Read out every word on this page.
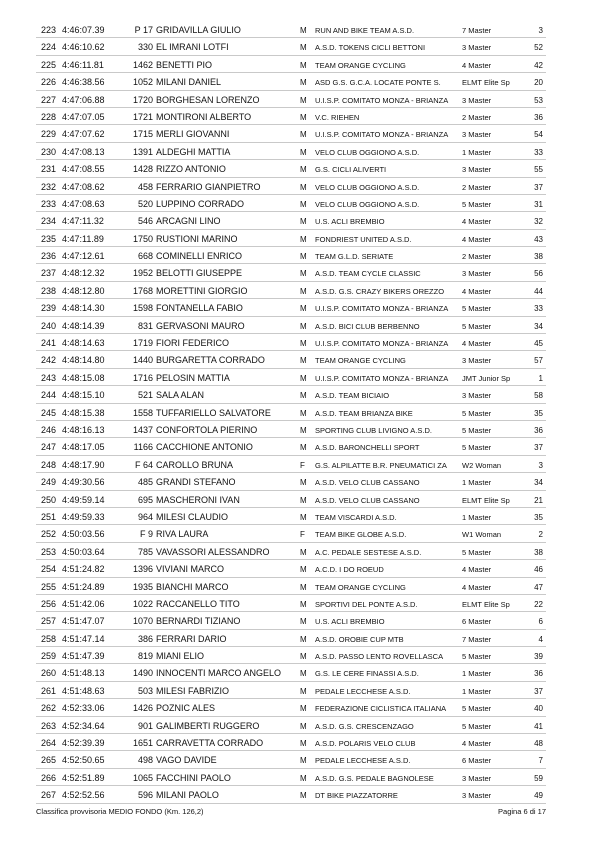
223 4:46:07.39	P 17 GRIDAVILLA GIULIO	M RUN AND BIKE TEAM A.S.D.	7 Master	3
224 4:46:10.62	330 EL IMRANI LOTFI	M A.S.D. TOKENS CICLI BETTONI	3 Master	52
225 4:46:11.81	1462 BENETTI PIO	M TEAM ORANGE CYCLING	4 Master	42
226 4:46:38.56	1052 MILANI DANIEL	M ASD G.S. G.C.A. LOCATE PONTE S.	ELMT Elite Sp	20
227 4:47:06.88	1720 BORGHESAN LORENZO	M U.I.S.P. COMITATO MONZA - BRIANZA 3 Master	53
228 4:47:07.05	1721 MONTIRONI ALBERTO	M V.C. RIEHEN	2 Master	36
229 4:47:07.62	1715 MERLI GIOVANNI	M U.I.S.P. COMITATO MONZA - BRIANZA 3 Master	54
230 4:47:08.13	1391 ALDEGHI MATTIA	M VELO CLUB OGGIONO A.S.D.	1 Master	33
231 4:47:08.55	1428 RIZZO ANTONIO	M G.S. CICLI ALIVERTI	3 Master	55
232 4:47:08.62	458 FERRARIO GIANPIETRO	M VELO CLUB OGGIONO A.S.D.	2 Master	37
233 4:47:08.63	520 LUPPINO CORRADO	M VELO CLUB OGGIONO A.S.D.	5 Master	31
234 4:47:11.32	546 ARCAGNI LINO	M U.S. ACLI BREMBIO	4 Master	32
235 4:47:11.89	1750 RUSTIONI MARINO	M FONDRIEST UNITED A.S.D.	4 Master	43
236 4:47:12.61	668 COMINELLI ENRICO	M TEAM G.L.D. SERIATE	2 Master	38
237 4:48:12.32	1952 BELOTTI GIUSEPPE	M A.S.D. TEAM CYCLE CLASSIC	3 Master	56
238 4:48:12.80	1768 MORETTINI GIORGIO	M A.S.D. G.S. CRAZY BIKERS OREZZO 4 Master	44
239 4:48:14.30	1598 FONTANELLA FABIO	M U.I.S.P. COMITATO MONZA - BRIANZA 5 Master	33
240 4:48:14.39	831 GERVASONI MAURO	M A.S.D. BICI CLUB BERBENNO	5 Master	34
241 4:48:14.63	1719 FIORI FEDERICO	M U.I.S.P. COMITATO MONZA - BRIANZA 4 Master	45
242 4:48:14.80	1440 BURGARETTA CORRADO	M TEAM ORANGE CYCLING	3 Master	57
243 4:48:15.08	1716 PELOSIN MATTIA	M U.I.S.P. COMITATO MONZA - BRIANZA JMT Junior Sp	1
244 4:48:15.10	521 SALA ALAN	M A.S.D. TEAM BICIAIO	3 Master	58
245 4:48:15.38	1558 TUFFARIELLO SALVATORE	M A.S.D. TEAM BRIANZA BIKE	5 Master	35
246 4:48:16.13	1437 CONFORTOLA PIERINO	M SPORTING CLUB LIVIGNO A.S.D.	5 Master	36
247 4:48:17.05	1166 CACCHIONE ANTONIO	M A.S.D. BARONCHELLI SPORT	5 Master	37
248 4:48:17.90	F 64 CAROLLO BRUNA	F G.S. ALPILATTE B.R. PNEUMATICI ZA W2 Woman	3
249 4:49:30.56	485 GRANDI STEFANO	M A.S.D. VELO CLUB CASSANO	1 Master	34
250 4:49:59.14	695 MASCHERONI IVAN	M A.S.D. VELO CLUB CASSANO	ELMT Elite Sp	21
251 4:49:59.33	964 MILESI CLAUDIO	M TEAM VISCARDI A.S.D.	1 Master	35
252 4:50:03.56	F 9 RIVA LAURA	F TEAM BIKE GLOBE A.S.D.	W1 Woman	2
253 4:50:03.64	785 VAVASSORI ALESSANDRO	M A.C. PEDALE SESTESE A.S.D.	5 Master	38
254 4:51:24.82	1396 VIVIANI MARCO	M A.C.D. I DO ROEUD	4 Master	46
255 4:51:24.89	1935 BIANCHI MARCO	M TEAM ORANGE CYCLING	4 Master	47
256 4:51:42.06	1022 RACCANELLO TITO	M SPORTIVI DEL PONTE A.S.D.	ELMT Elite Sp	22
257 4:51:47.07	1070 BERNARDI TIZIANO	M U.S. ACLI BREMBIO	6 Master	6
258 4:51:47.14	386 FERRARI DARIO	M A.S.D. OROBIE CUP MTB	7 Master	4
259 4:51:47.39	819 MIANI ELIO	M A.S.D. PASSO LENTO ROVELLASCA	5 Master	39
260 4:51:48.13	1490 INNOCENTI MARCO ANGELO M G.S. LE CERE FINASSI A.S.D.	1 Master	36
261 4:51:48.63	503 MILESI FABRIZIO	M PEDALE LECCHESE A.S.D.	1 Master	37
262 4:52:33.06	1426 POZNIC ALES	M FEDERAZIONE CICLISTICA ITALIANA 5 Master	40
263 4:52:34.64	901 GALIMBERTI RUGGERO	M A.S.D. G.S. CRESCENZAGO	5 Master	41
264 4:52:39.39	1651 CARRAVETTA CORRADO	M A.S.D. POLARIS VELO CLUB	4 Master	48
265 4:52:50.65	498 VAGO DAVIDE	M PEDALE LECCHESE A.S.D.	6 Master	7
266 4:52:51.89	1065 FACCHINI PAOLO	M A.S.D. G.S. PEDALE BAGNOLESE	3 Master	59
267 4:52:52.56	596 MILANI PAOLO	M DT BIKE PIAZZATORRE	3 Master	49
Classifica provvisoria MEDIO FONDO (Km. 126,2)	Pagina 6 di 17
